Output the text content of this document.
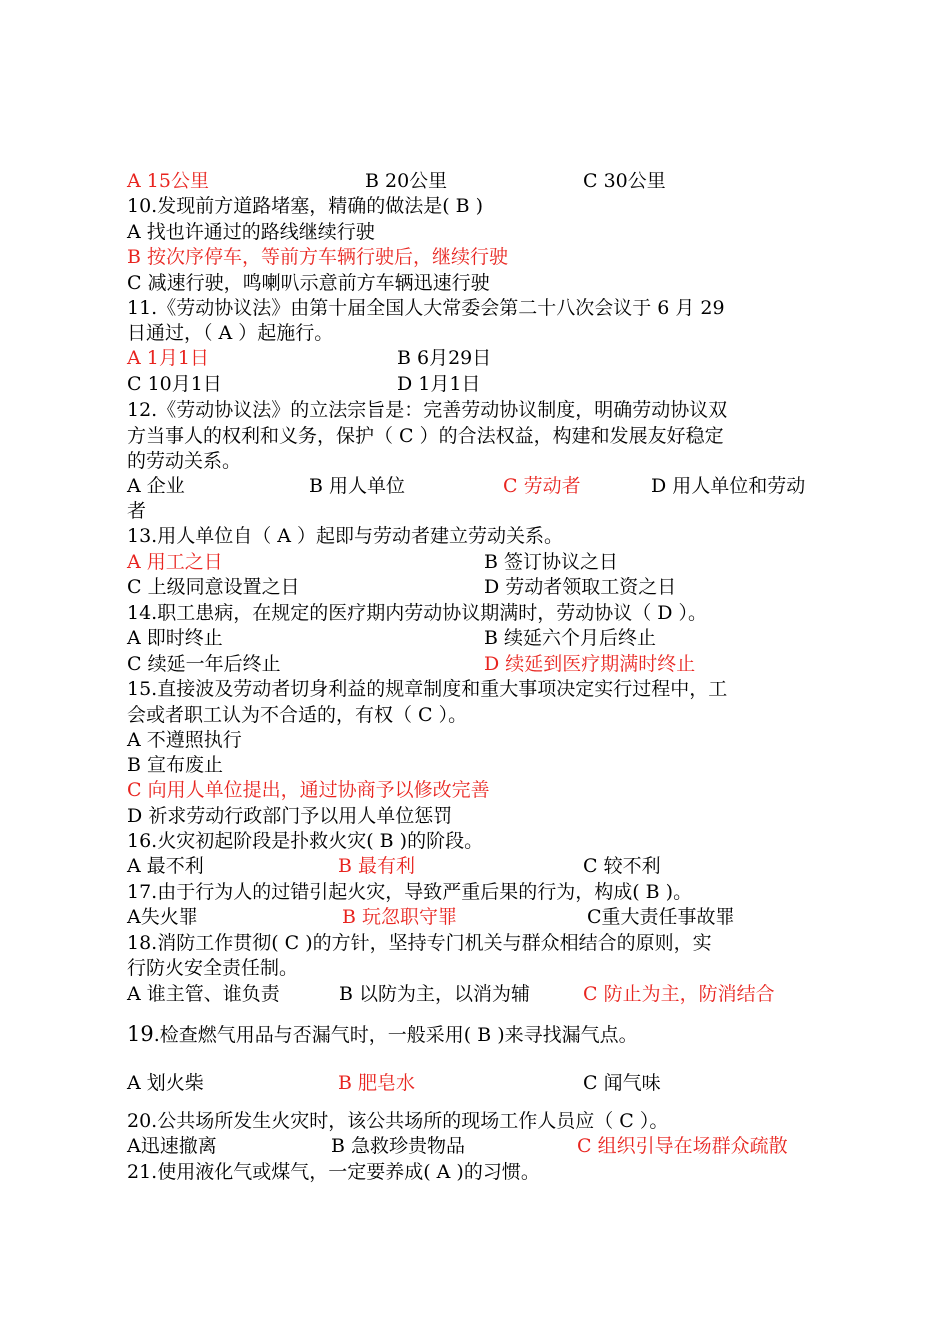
A 15公里	B 20公里	C 30公里
10.发现前方道路堵塞，精确的做法是( B )
A 找也许通过的路线继续行驶
B 按次序停车，等前方车辆行驶后，继续行驶
C 减速行驶，鸣喇叭示意前方车辆迅速行驶
11.《劳动协议法》由第十届全国人大常委会第二十八次会议于 6 月 29
日通过，（ A ）起施行。
A 1月1日	B 6月29日
C 10月1日	D 1月1日
12.《劳动协议法》的立法宗旨是：完善劳动协议制度，明确劳动协议双
方当事人的权利和义务，保护（ C ）的合法权益，构建和发展友好稳定
的劳动关系。
A 企业	B 用人单位	C 劳动者	D 用人单位和劳动
者
13.用人单位自（ A ）起即与劳动者建立劳动关系。
A 用工之日	B 签订协议之日
C 上级同意设置之日	D 劳动者领取工资之日
14.职工患病，在规定的医疗期内劳动协议期满时，劳动协议（ D ）。
A 即时终止	B 续延六个月后终止
C 续延一年后终止	D 续延到医疗期满时终止
15.直接波及劳动者切身利益的规章制度和重大事项决定实行过程中，工
会或者职工认为不合适的，有权（ C ）。
A 不遵照执行
B 宣布废止
C 向用人单位提出，通过协商予以修改完善
D 祈求劳动行政部门予以用人单位惩罚
16.火灾初起阶段是扑救火灾( B )的阶段。
A 最不利	B 最有利	C 较不利
17.由于行为人的过错引起火灾，导致严重后果的行为，构成( B )。
A失火罪	B 玩忽职守罪	C重大责任事故罪
18.消防工作贯彻( C )的方针，坚持专门机关与群众相结合的原则，实
行防火安全责任制。
A 谁主管、谁负责	B 以防为主，以消为辅	C 防止为主，防消结合
19.检查燃气用品与否漏气时，一般采用( B )来寻找漏气点。
A 划火柴	B 肥皂水	C 闻气味
20.公共场所发生火灾时，该公共场所的现场工作人员应（ C ）。
A迅速撤离	B 急救珍贵物品	C 组织引导在场群众疏散
21.使用液化气或煤气，一定要养成( A )的习惯。
